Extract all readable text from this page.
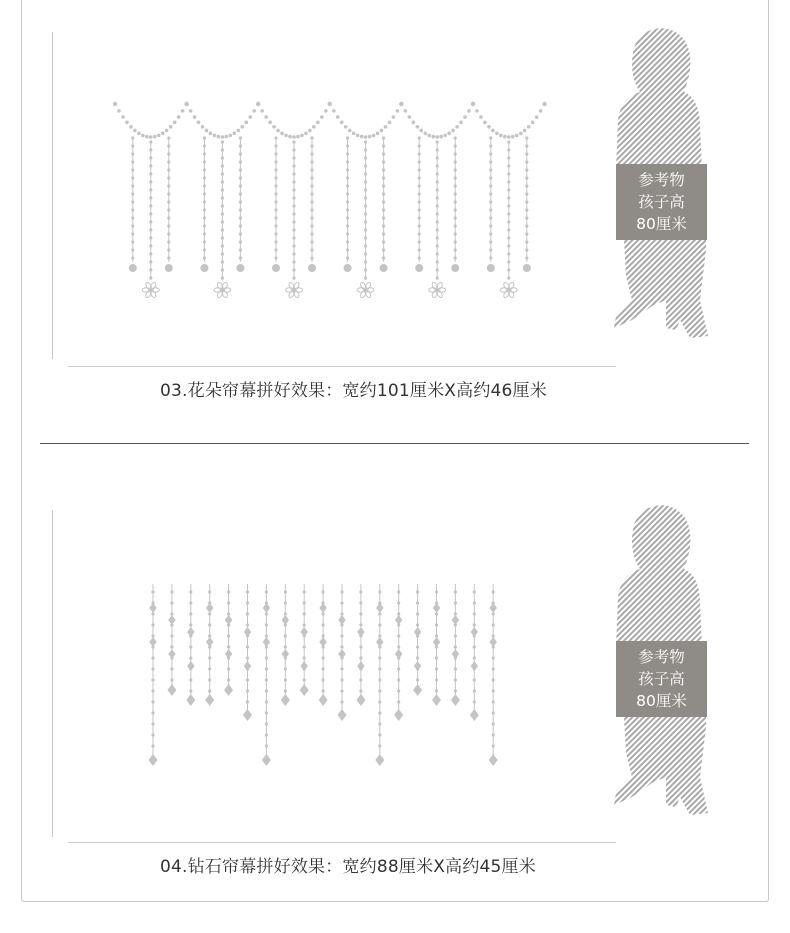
参考物
孩子高
80厘米
03.花朵帘幕拼好效果：宽约101厘米X高约46厘米
参考物
孩子高
80厘米
04.钻石帘幕拼好效果：宽约88厘米X高约45厘米
